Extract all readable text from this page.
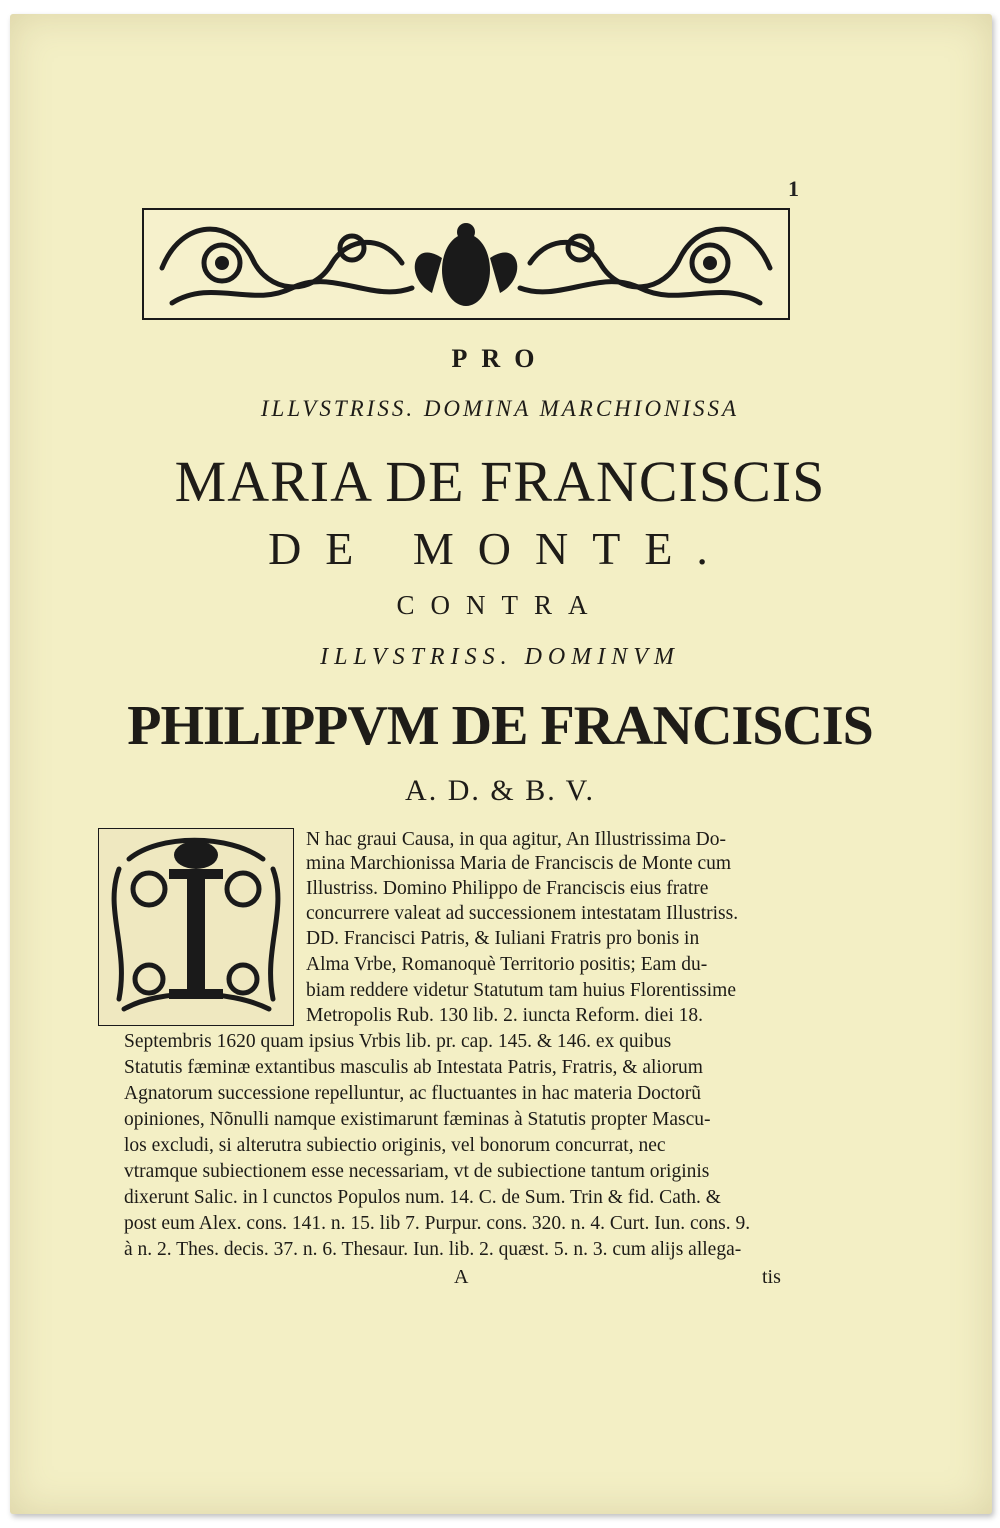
1
PRO
ILLVSTRISS. DOMINA MARCHIONISSA
MARIA DE FRANCISCIS
DE MONTE.
CONTRA
ILLVSTRISS. DOMINVM
PHILIPPVM DE FRANCISCIS
A. D. & B. V.
N hac graui Causa, in qua agitur, An Illustrissima Do-
mina Marchionissa Maria de Franciscis de Monte cum
Illustriss. Domino Philippo de Franciscis eius fratre
concurrere valeat ad successionem intestatam Illustriss.
DD. Francisci Patris, & Iuliani Fratris pro bonis in
Alma Vrbe, Romanoquè Territorio positis; Eam du-
biam reddere videtur Statutum tam huius Florentissime
Metropolis Rub. 130 lib. 2. iuncta Reform. diei 18.
Septembris 1620 quam ipsius Vrbis lib. pr. cap. 145. & 146. ex quibus
Statutis fæminæ extantibus masculis ab Intestata Patris, Fratris, & aliorum
Agnatorum successione repelluntur, ac fluctuantes in hac materia Doctorũ
opiniones, Nõnulli namque existimarunt fæminas à Statutis propter Mascu-
los excludi, si alterutra subiectio originis, vel bonorum concurrat, nec
vtramque subiectionem esse necessariam, vt de subiectione tantum originis
dixerunt Salic. in l cunctos Populos num. 14. C. de Sum. Trin & fid. Cath. &
post eum Alex. cons. 141. n. 15. lib 7. Purpur. cons. 320. n. 4. Curt. Iun. cons. 9.
à n. 2. Thes. decis. 37. n. 6. Thesaur. Iun. lib. 2. quæst. 5. n. 3. cum alijs allega-
A	tis
